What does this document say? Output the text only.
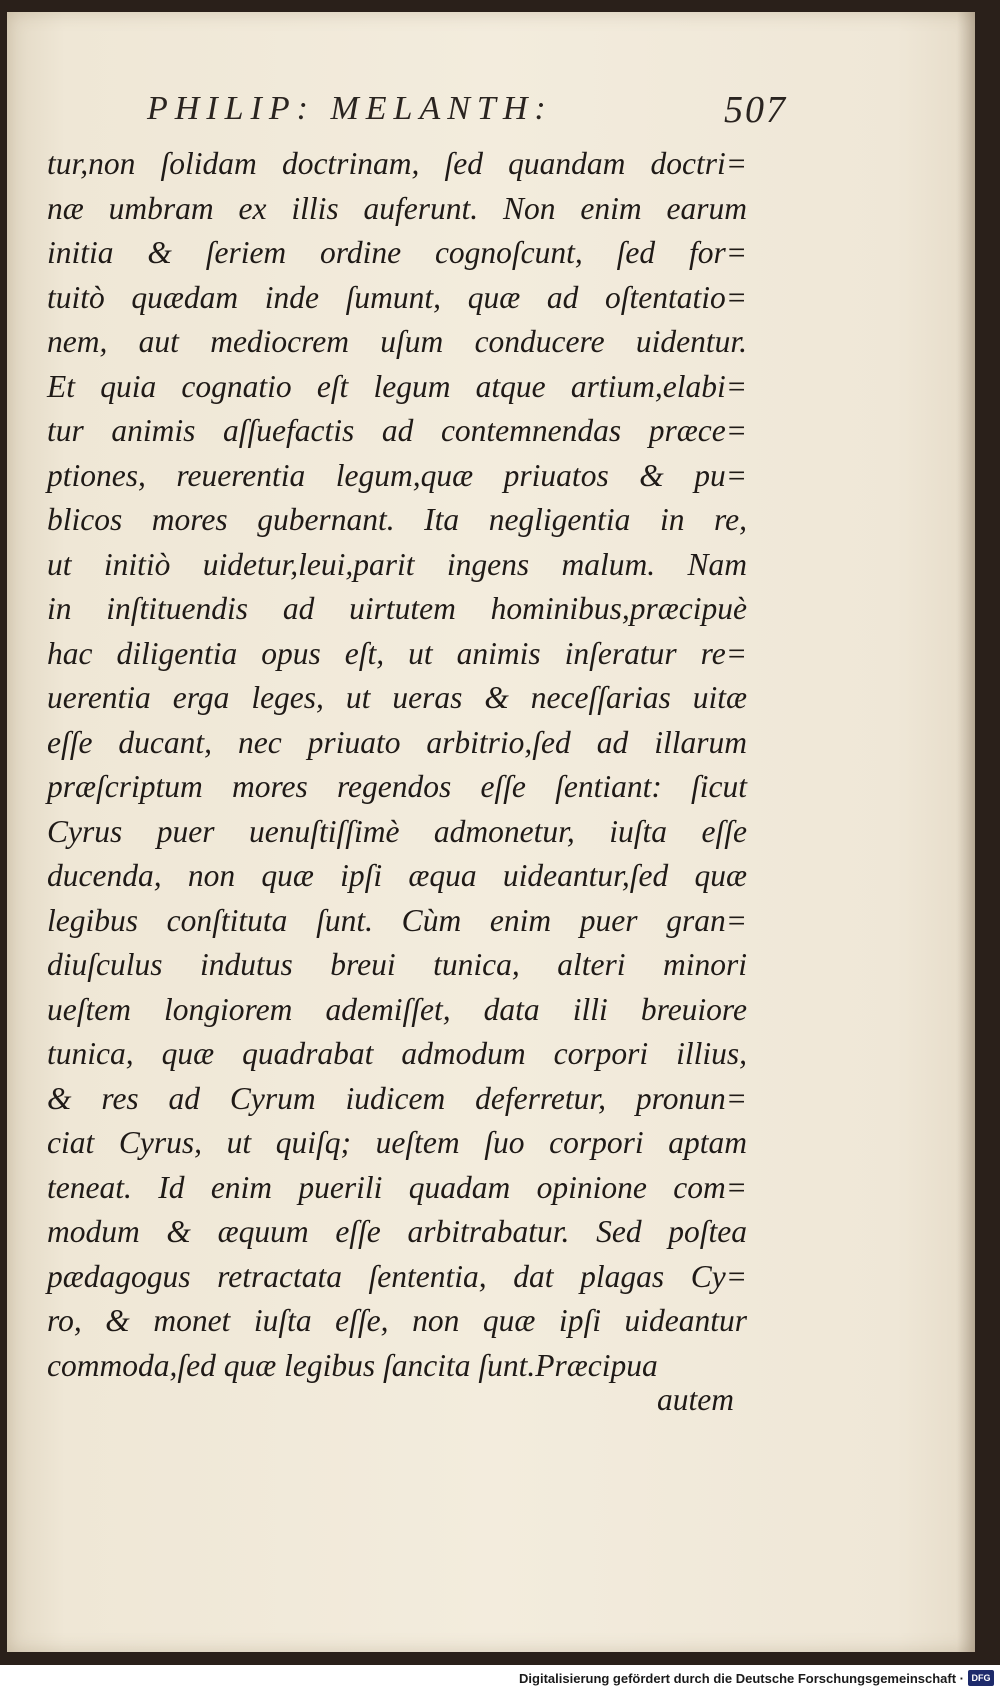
PHILIP: MELANTH:	507
tur,non ſolidam doctrinam, ſed quandam doctri=
næ umbram ex illis auferunt. Non enim earum
initia & ſeriem ordine cognoſcunt, ſed for=
tuitò quædam inde ſumunt, quæ ad oſtentatio=
nem, aut mediocrem uſum conducere uidentur.
Et quia cognatio eſt legum atque artium,elabi=
tur animis aſſuefactis ad contemnendas præce=
ptiones, reuerentia legum,quæ priuatos & pu=
blicos mores gubernant. Ita negligentia in re,
ut initiò uidetur,leui,parit ingens malum. Nam
in inſtituendis ad uirtutem hominibus,præcipuè
hac diligentia opus eſt, ut animis inſeratur re=
uerentia erga leges, ut ueras & neceſſarias uitæ
eſſe ducant, nec priuato arbitrio,ſed ad illarum
præſcriptum mores regendos eſſe ſentiant: ſicut
Cyrus puer uenuſtiſſimè admonetur, iuſta eſſe
ducenda, non quæ ipſi æqua uideantur,ſed quæ
legibus conſtituta ſunt. Cùm enim puer gran=
diuſculus indutus breui tunica, alteri minori
ueſtem longiorem ademiſſet, data illi breuiore
tunica, quæ quadrabat admodum corpori illius,
& res ad Cyrum iudicem deferretur, pronun=
ciat Cyrus, ut quiſq; ueſtem ſuo corpori aptam
teneat. Id enim puerili quadam opinione com=
modum & æquum eſſe arbitrabatur. Sed poſtea
pædagogus retractata ſententia, dat plagas Cy=
ro, & monet iuſta eſſe, non quæ ipſi uideantur
commoda,ſed quæ legibus ſancita ſunt.Præcipua
autem
Digitalisierung gefördert durch die Deutsche Forschungsgemeinschaft · DFG
